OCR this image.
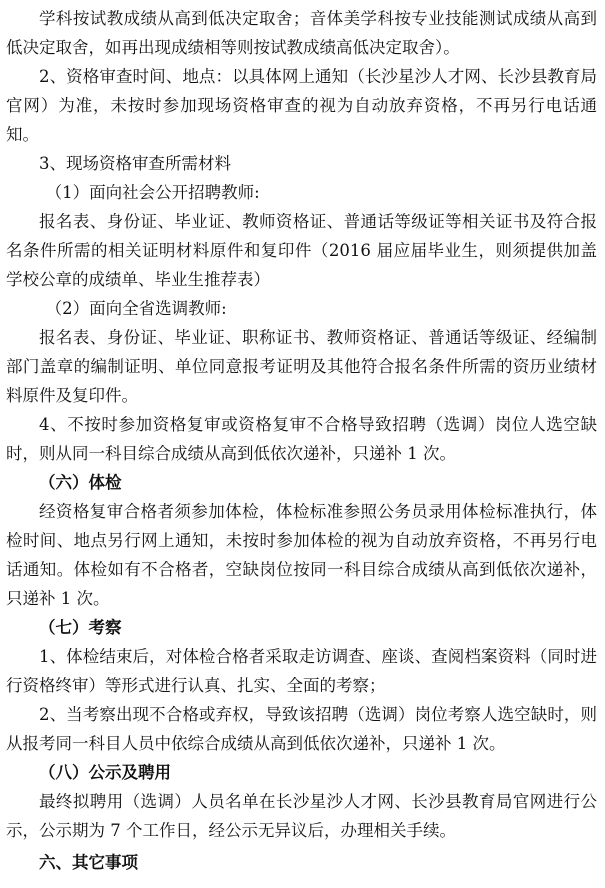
学科按试教成绩从高到低决定取舍；音体美学科按专业技能测试成绩从高到低决定取舍，如再出现成绩相等则按试教成绩高低决定取舍）。

2、资格审查时间、地点：以具体网上通知（长沙星沙人才网、长沙县教育局官网）为准，未按时参加现场资格审查的视为自动放弃资格，不再另行电话通知。

3、现场资格审查所需材料

（1）面向社会公开招聘教师:

报名表、身份证、毕业证、教师资格证、普通话等级证等相关证书及符合报名条件所需的相关证明材料原件和复印件（2016 届应届毕业生，则须提供加盖学校公章的成绩单、毕业生推荐表）

（2）面向全省选调教师:

报名表、身份证、毕业证、职称证书、教师资格证、普通话等级证、经编制部门盖章的编制证明、单位同意报考证明及其他符合报名条件所需的资历业绩材料原件及复印件。

4、不按时参加资格复审或资格复审不合格导致招聘（选调）岗位人选空缺时，则从同一科目综合成绩从高到低依次递补，只递补 1 次。

（六）体检

经资格复审合格者须参加体检，体检标准参照公务员录用体检标准执行，体检时间、地点另行网上通知，未按时参加体检的视为自动放弃资格，不再另行电话通知。体检如有不合格者，空缺岗位按同一科目综合成绩从高到低依次递补，只递补 1 次。

（七）考察

1、体检结束后，对体检合格者采取走访调查、座谈、查阅档案资料（同时进行资格终审）等形式进行认真、扎实、全面的考察；

2、当考察出现不合格或弃权，导致该招聘（选调）岗位考察人选空缺时，则从报考同一科目人员中依综合成绩从高到低依次递补，只递补 1 次。

（八）公示及聘用

最终拟聘用（选调）人员名单在长沙星沙人才网、长沙县教育局官网进行公示，公示期为 7 个工作日，经公示无异议后，办理相关手续。

六、其它事项
